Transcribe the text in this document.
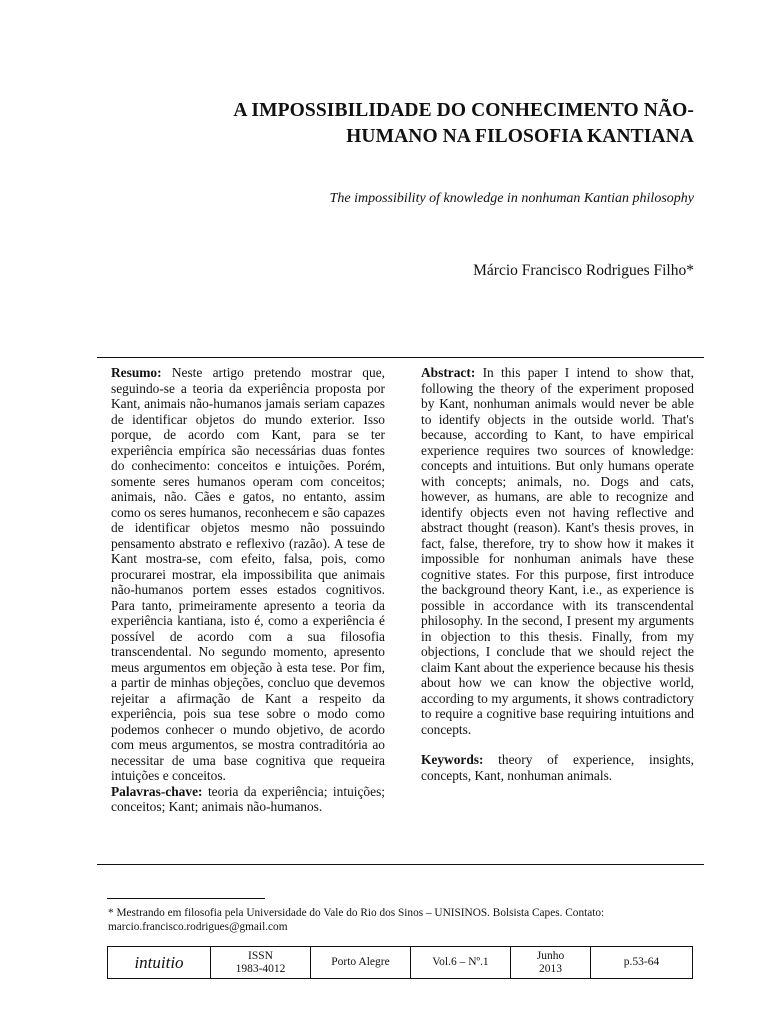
A IMPOSSIBILIDADE DO CONHECIMENTO NÃO-
HUMANO NA FILOSOFIA KANTIANA
The impossibility of knowledge in nonhuman Kantian philosophy
Márcio Francisco Rodrigues Filho*

Resumo: Neste artigo pretendo mostrar que, seguindo-se a teoria da experiência proposta por Kant, animais não-humanos jamais seriam capazes de identificar objetos do mundo exterior. Isso porque, de acordo com Kant, para se ter experiência empírica são necessárias duas fontes do conhecimento: conceitos e intuições. Porém, somente seres humanos operam com conceitos; animais, não. Cães e gatos, no entanto, assim como os seres humanos, reconhecem e são capazes de identificar objetos mesmo não possuindo pensamento abstrato e reflexivo (razão). A tese de Kant mostra-se, com efeito, falsa, pois, como procurarei mostrar, ela impossibilita que animais não-humanos portem esses estados cognitivos. Para tanto, primeiramente apresento a teoria da experiência kantiana, isto é, como a experiência é possível de acordo com a sua filosofia transcendental. No segundo momento, apresento meus argumentos em objeção à esta tese. Por fim, a partir de minhas objeções, concluo que devemos rejeitar a afirmação de Kant a respeito da experiência, pois sua tese sobre o modo como podemos conhecer o mundo objetivo, de acordo com meus argumentos, se mostra contraditória ao necessitar de uma base cognitiva que requeira intuições e conceitos.

Palavras-chave: teoria da experiência; intuições; conceitos; Kant; animais não-humanos.

Abstract: In this paper I intend to show that, following the theory of the experiment proposed by Kant, nonhuman animals would never be able to identify objects in the outside world. That's because, according to Kant, to have empirical experience requires two sources of knowledge: concepts and intuitions. But only humans operate with concepts; animals, no. Dogs and cats, however, as humans, are able to recognize and identify objects even not having reflective and abstract thought (reason). Kant's thesis proves, in fact, false, therefore, try to show how it makes it impossible for nonhuman animals have these cognitive states. For this purpose, first introduce the background theory Kant, i.e., as experience is possible in accordance with its transcendental philosophy. In the second, I present my arguments in objection to this thesis. Finally, from my objections, I conclude that we should reject the claim Kant about the experience because his thesis about how we can know the objective world, according to my arguments, it shows contradictory to require a cognitive base requiring intuitions and concepts.

Keywords: theory of experience, insights, concepts, Kant, nonhuman animals.

* Mestrando em filosofia pela Universidade do Vale do Rio dos Sinos – UNISINOS. Bolsista Capes. Contato: marcio.francisco.rodrigues@gmail.com
intuitio	ISSN
1983-4012
Porto Alegre	Vol.6 – Nº.1
Junho
2013
p.53-64
